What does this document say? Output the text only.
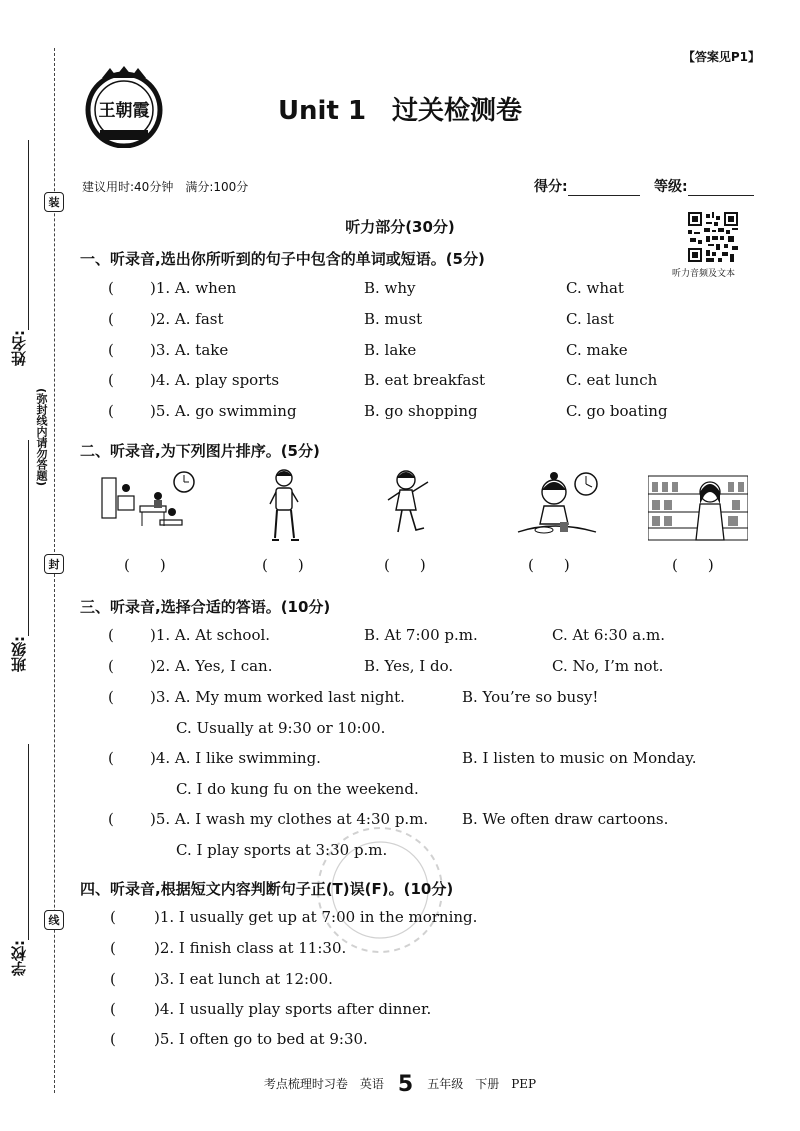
姓名:
班级:
学校:
装
封
线
(弥封线内请勿答题)
【答案见P1】
王朝霞	Unit 1　过关检测卷
建议用时:40分钟　满分:100分	得分:	等级:
听力部分(30分)
听力音频及文本
一、听录音,选出你所听到的句子中包含的单词或短语。(5分)
( )1. A. when	B. why	C. what
( )2. A. fast	B. must	C. last
( )3. A. take	B. lake	C. make
( )4. A. play sports	B. eat breakfast	C. eat lunch
( )5. A. go swimming	B. go shopping	C. go boating
二、听录音,为下列图片排序。(5分)
(　　)	(　　)	(　　)	(　　)	(　　)
三、听录音,选择合适的答语。(10分)
( )1. A. At school.	B. At 7:00 p.m.	C. At 6:30 a.m.
( )2. A. Yes, I can.	B. Yes, I do.	C. No, I’m not.
( )3. A. My mum worked last night.	B. You’re so busy!
C. Usually at 9:30 or 10:00.
( )4. A. I like swimming.	B. I listen to music on Monday.
C. I do kung fu on the weekend.
( )5. A. I wash my clothes at 4:30 p.m. B. We often draw cartoons.
C. I play sports at 3:30 p.m.
四、听录音,根据短文内容判断句子正(T)误(F)。(10分)
(	)1. I usually get up at 7:00 in the morning.
(	)2. I finish class at 11:30.
(	)3. I eat lunch at 12:00.
(	)4. I usually play sports after dinner.
(	)5. I often go to bed at 9:30.
考点梳理时习卷　英语 5 五年级　下册　PEP
